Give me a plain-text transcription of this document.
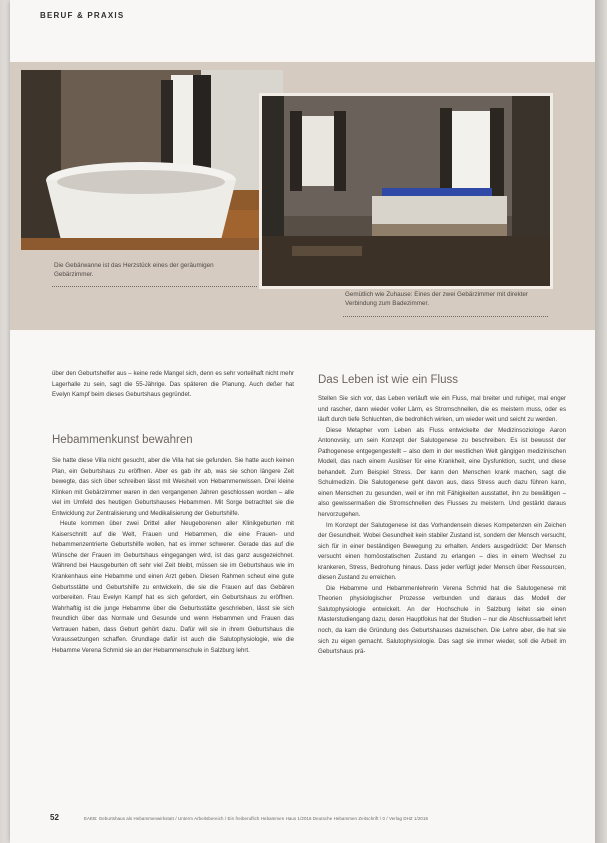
BERUF & PRAXIS
Die Gebärwanne ist das Herzstück eines der geräumigen Gebärzimmer.
Gemütlich wie Zuhause: Eines der zwei Gebärzimmer mit direkter Verbindung zum Badezimmer.

über den Geburtshelfer aus – keine rede Mangel sich, denn es sehr vorteilhaft nicht mehr Lagerhalle zu sein, sagt die 55-Jährige. Das späteren die Planung. Auch deßer hat Evelyn Kampf beim dieses Geburtshaus gegründet.

Hebammenkunst bewahren

Sie hatte diese Villa nicht gesucht, aber die Villa hat sie gefunden. Sie hatte auch keinen Plan, ein Geburtshaus zu eröffnen. Aber es gab ihr ab, was sie schon längere Zeit bewegte, das sich über schreiben lässt mit Weisheit von Hebammenwissen. Drei kleine Klinken mit Gebärzimmer waren in den vergangenen Jahren geschlossen worden – alle viel im Umfeld des heutigen Geburtshauses Hebammen. Mit Sorge betrachtet sie die Entwicklung zur Zentralisierung und Medikalisierung der Geburtshilfe.

Heute kommen über zwei Drittel aller Neugeborenen aller Klinikgeburten mit Kaiserschnitt auf die Welt, Frauen und Hebammen, die eine Frauen- und hebammenzentrierte Geburtshilfe wollen, hat es immer schwerer. Gerade das auf die Wünsche der Frauen im Geburtshaus eingegangen wird, ist das ganz ausgezeichnet. Während bei Hausgeburten oft sehr viel Zeit bleibt, müssen sie im Geburtshaus wie im Krankenhaus eine Hebamme und einen Arzt geben. Diesen Rahmen scheut eine gute Geburtsstätte und Geburtshilfe zu entwickeln, die sie die Frauen auf das Gebären vorbereiten. Frau Evelyn Kampf hat es sich gefordert, ein Geburtshaus zu eröffnen. Wahrhaftig ist die junge Hebamme über die Geburtsstätte geschrieben, lässt sie sich freundlich über das Normale und Gesunde und wenn Hebammen und Frauen das Vertrauen haben, dass Geburt gehört dazu. Dafür will sie in ihrem Geburtshaus die Voraussetzungen schaffen. Grundlage dafür ist auch die Salutophysiologie, wie die Hebamme Verena Schmid sie an der Hebammenschule in Salzburg lehrt.

Das Leben ist wie ein Fluss

Stellen Sie sich vor, das Leben verläuft wie ein Fluss, mal breiter und ruhiger, mal enger und rascher, dann wieder voller Lärm, es Stromschnellen, die es meistern muss, oder es läuft durch tiefe Schluchten, die bedrohlich wirken, um wieder weit und seicht zu werden.

Diese Metapher vom Leben als Fluss entwickelte der Medizinsoziologe Aaron Antonovsky, um sein Konzept der Salutogenese zu beschreiben. Es ist bewusst der Pathogenese entgegengestellt – also dem in der westlichen Welt gängigen medizinischen Modell, das nach einem Auslöser für eine Krankheit, eine Dysfunktion, sucht, und diese behandelt. Zum Beispiel Stress. Der kann den Menschen krank machen, sagt die Schulmedizin. Die Salutogenese geht davon aus, dass Stress auch dazu führen kann, einen Menschen zu gesunden, weil er ihn mit Fähigkeiten ausstattet, ihn zu bewältigen – also gewissermaßen die Stromschnellen des Flusses zu meistern. Und gestärkt daraus hervorzugehen.

Im Konzept der Salutogenese ist das Vorhandensein dieses Kompetenzen ein Zeichen der Gesundheit. Wobei Gesundheit kein stabiler Zustand ist, sondern der Mensch versucht, sich für in einer beständigen Bewegung zu erhalten. Anders ausgedrückt: Der Mensch versucht einen homöostatischen Zustand zu erlangen – dies in einem Wechsel zu krankeren, Stress, Bedrohung hinaus. Dass jeder verfügt jeder Mensch über Ressourcen, diesen Zustand zu erreichen.

Die Hebamme und Hebammenlehrerin Verena Schmid hat die Salutogenese mit Theorien physiologischer Prozesse verbunden und daraus das Modell der Salutophysiologie entwickelt. An der Hochschule in Salzburg leitet sie einen Masterstudiengang dazu, deren Hauptfokus hat der Studien – nur die Abschlussarbeit lehrt noch, da kam die Gründung des Geburtshauses dazwischen. Die Lehre aber, die hat sie sich zu eigen gemacht. Salutophysiologie. Das sagt sie immer wieder, soll die Arbeit im Geburtshaus prä-

52	EAEB: Geburtshaus als Hebammenwirkstatt / Unterm Arbeitsbereich / Ein freiberuflich Hebammen Haus 1/2016 Deutsche Hebammen Zeitschrift / 0 / Verlag DHZ 1/2016
